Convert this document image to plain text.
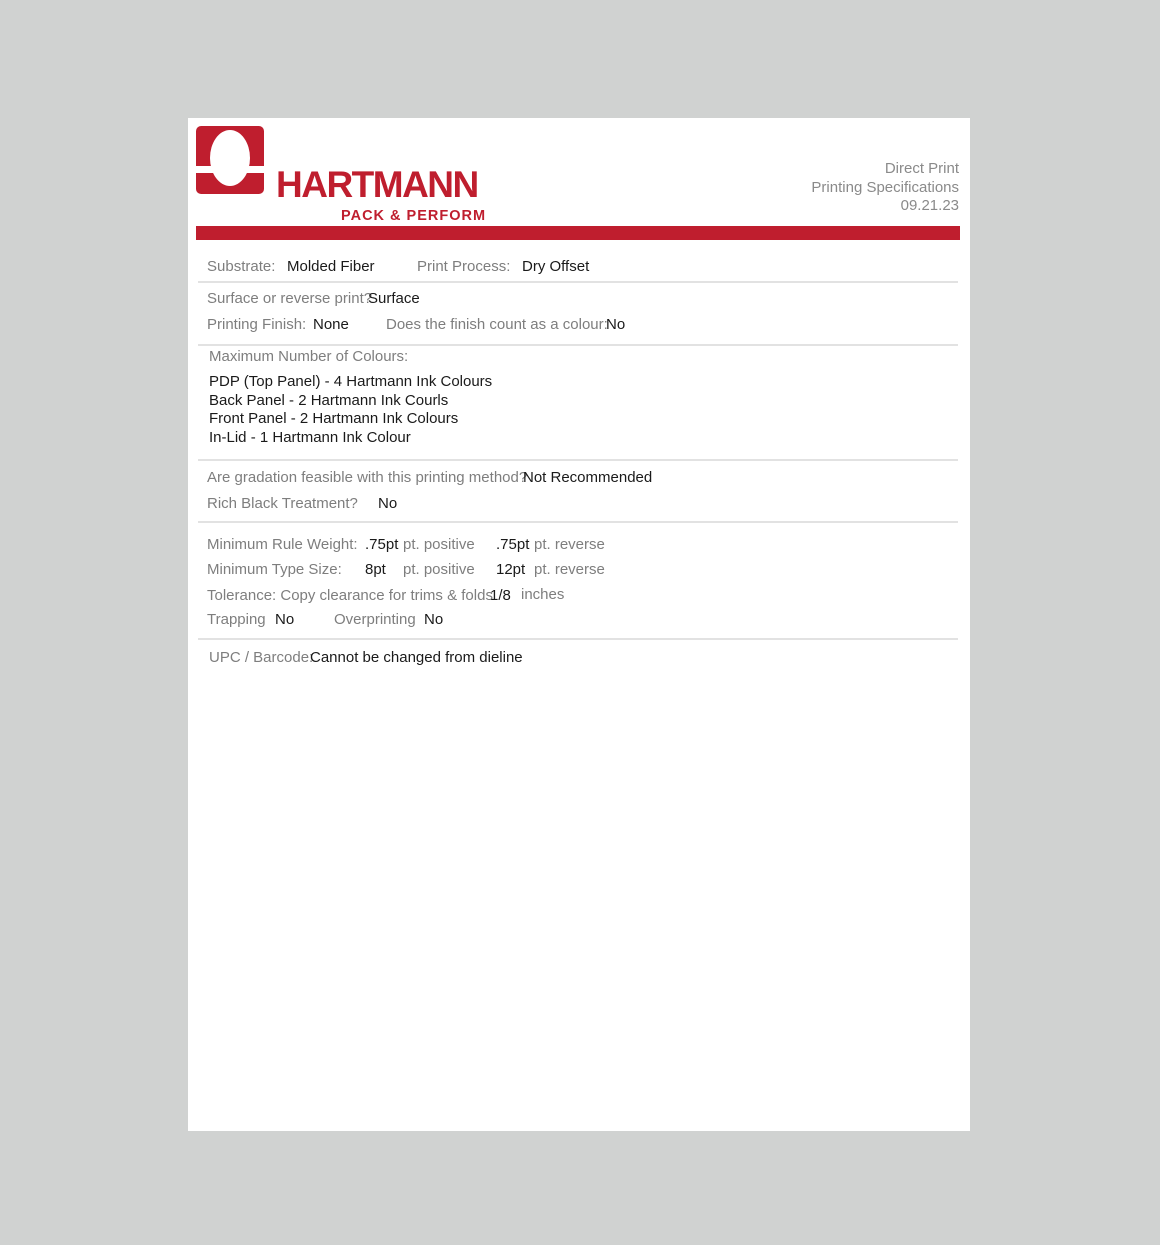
HARTMANN
PACK & PERFORM
Direct Print
Printing Specifications
09.21.23
Substrate: Molded Fiber	Print Process: Dry Offset
Surface or reverse print?
Surface
Printing Finish: None Does the finish count as a colour:
No
Maximum Number of Colours:
PDP (Top Panel) - 4 Hartmann Ink Colours
Back Panel - 2 Hartmann Ink Courls
Front Panel - 2 Hartmann Ink Colours
In-Lid - 1 Hartmann Ink Colour
Are gradation feasible with this printing method?
Not Recommended
Rich Black Treatment? No
Minimum Rule Weight: .75pt pt. positive .75pt pt. reverse
Minimum Type Size: 8pt pt. positive 12pt pt. reverse
Tolerance: Copy clearance for trims & folds
1/8 inches
Trapping No	Overprinting No
UPC / Barcode:
Cannot be changed from dieline
